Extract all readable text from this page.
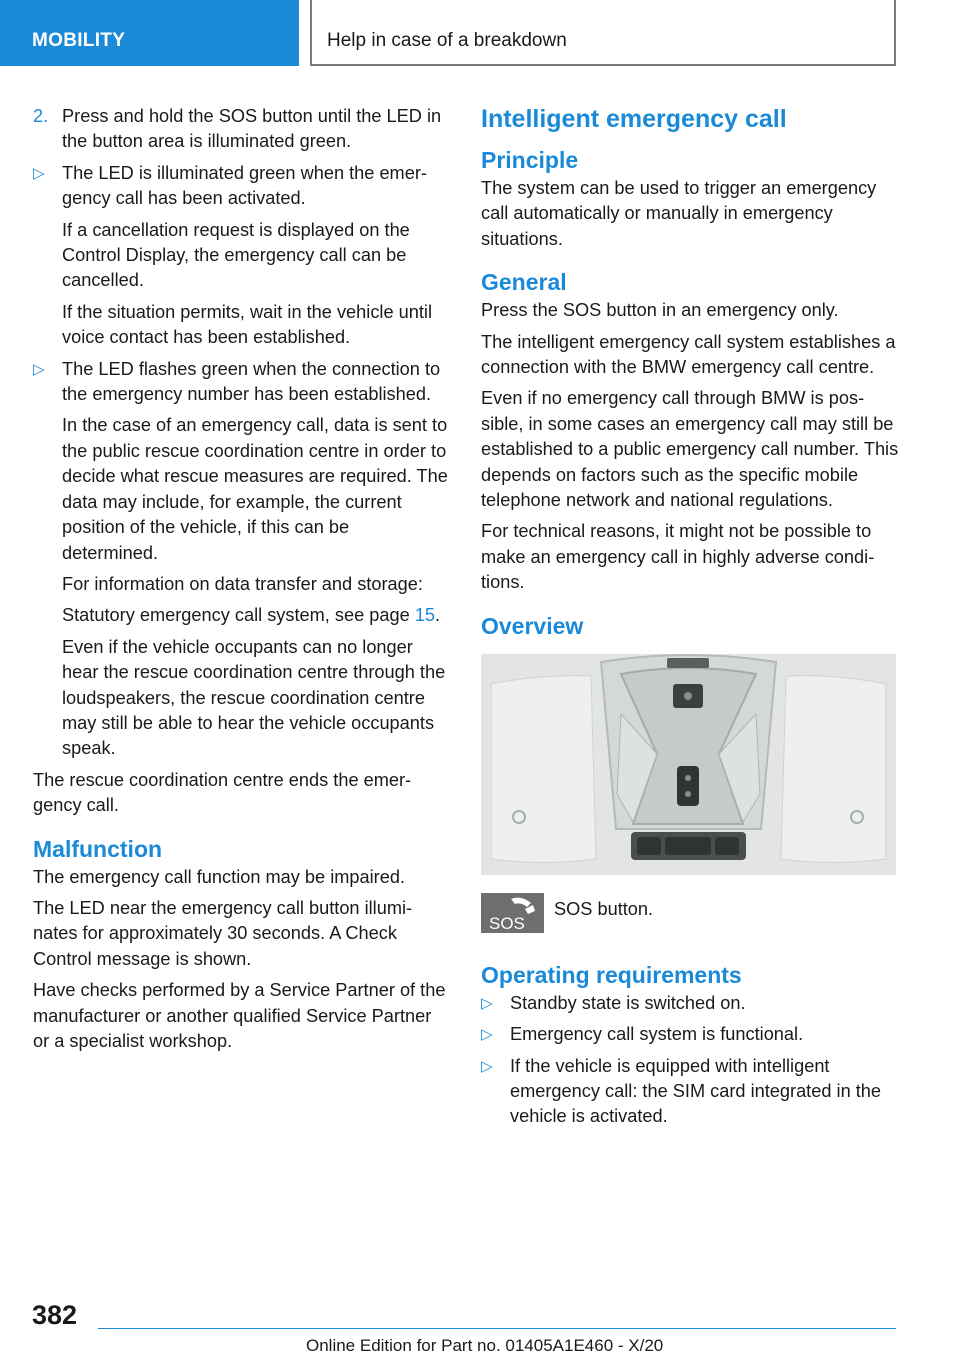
MOBILITY	Help in case of a breakdown
2. Press and hold the SOS button until the LED in the button area is illuminated green.
▷ The LED is illuminated green when the emergency call has been activated.
If a cancellation request is displayed on the Control Display, the emergency call can be cancelled.
If the situation permits, wait in the vehicle until voice contact has been established.
▷ The LED flashes green when the connection to the emergency number has been established.
In the case of an emergency call, data is sent to the public rescue coordination centre in order to decide what rescue measures are required. The data may include, for example, the current position of the vehicle, if this can be determined.
For information on data transfer and storage:
Statutory emergency call system, see page 15.
Even if the vehicle occupants can no longer hear the rescue coordination centre through the loudspeakers, the rescue coordination centre may still be able to hear the vehicle occupants speak.
The rescue coordination centre ends the emergency call.
Malfunction
The emergency call function may be impaired.
The LED near the emergency call button illuminates for approximately 30 seconds. A Check Control message is shown.
Have checks performed by a Service Partner of the manufacturer or another qualified Service Partner or a specialist workshop.
Intelligent emergency call
Principle
The system can be used to trigger an emergency call automatically or manually in emergency situations.
General
Press the SOS button in an emergency only.
The intelligent emergency call system establishes a connection with the BMW emergency call centre.
Even if no emergency call through BMW is possible, in some cases an emergency call may still be established to a public emergency call number. This depends on factors such as the specific mobile telephone network and national regulations.
For technical reasons, it might not be possible to make an emergency call in highly adverse conditions.
Overview
SOS
SOS button.
Operating requirements
▷ Standby state is switched on.
▷ Emergency call system is functional.
▷ If the vehicle is equipped with intelligent emergency call: the SIM card integrated in the vehicle is activated.
382
Online Edition for Part no. 01405A1E460 - X/20
